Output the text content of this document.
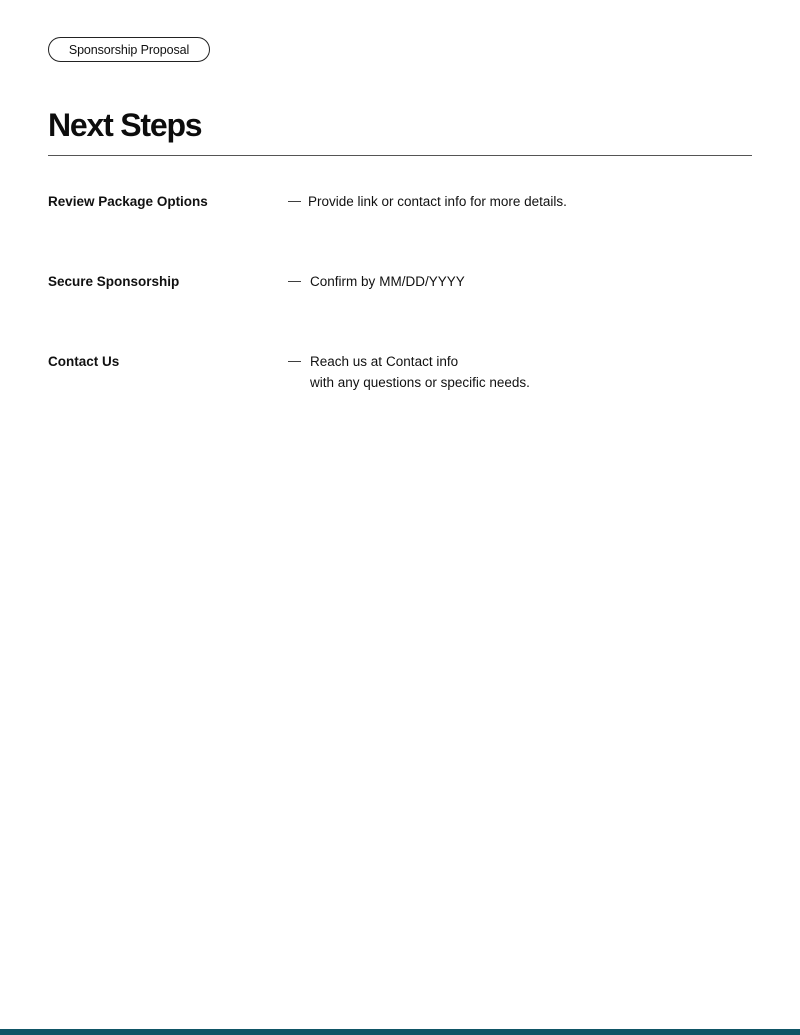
Sponsorship Proposal
Next Steps
Review Package Options	— Provide link or contact info for more details.
Secure Sponsorship	— Confirm by MM/DD/YYYY
Contact Us	— Reach us at Contact info
with any questions or specific needs.
